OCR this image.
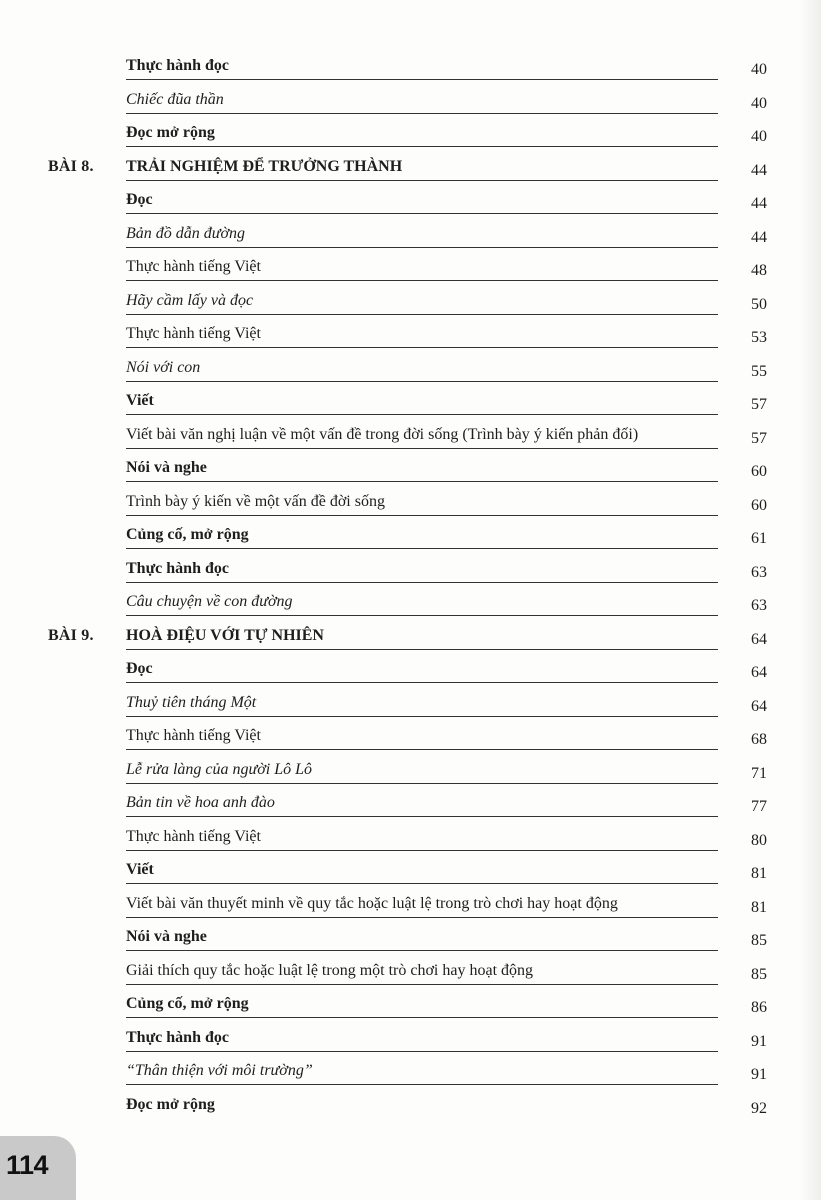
Thực hành đọc	40
Chiếc đũa thần	40
Đọc mở rộng	40
BÀI 8. TRẢI NGHIỆM ĐỂ TRƯỞNG THÀNH	44
Đọc	44
Bản đồ dẫn đường	44
Thực hành tiếng Việt	48
Hãy cầm lấy và đọc	50
Thực hành tiếng Việt	53
Nói với con	55
Viết	57
Viết bài văn nghị luận về một vấn đề trong đời sống (Trình bày ý kiến phản đối)	57
Nói và nghe	60
Trình bày ý kiến về một vấn đề đời sống	60
Củng cố, mở rộng	61
Thực hành đọc	63
Câu chuyện về con đường	63
BÀI 9. HOÀ ĐIỆU VỚI TỰ NHIÊN	64
Đọc	64
Thuỷ tiên tháng Một	64
Thực hành tiếng Việt	68
Lễ rửa làng của người Lô Lô	71
Bản tin về hoa anh đào	77
Thực hành tiếng Việt	80
Viết	81
Viết bài văn thuyết minh về quy tắc hoặc luật lệ trong trò chơi hay hoạt động	81
Nói và nghe	85
Giải thích quy tắc hoặc luật lệ trong một trò chơi hay hoạt động	85
Củng cố, mở rộng	86
Thực hành đọc	91
“Thân thiện với môi trường”	91
Đọc mở rộng	92
114
